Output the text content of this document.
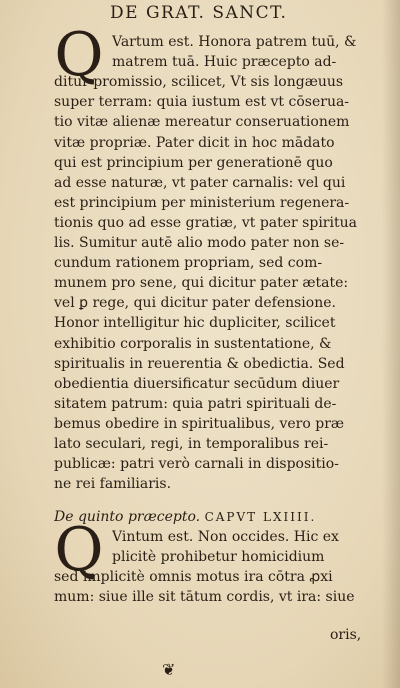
DE GRAT. SANCT.
Q Vartum est. Honora patrem tuū, &
matrem tuā. Huic præcepto ad-
ditur promissio, scilicet, Vt sis longæuus
super terram: quia iustum est vt cōserua-
tio vitæ alienæ mereatur conseruationem
vitæ propriæ. Pater dicit in hoc mādato
qui est principium per generationē quo
ad esse naturæ, vt pater carnalis: vel qui
est principium per ministerium regenera-
tionis quo ad esse gratiæ, vt pater spiritua
lis. Sumitur autē alio modo pater non se-
cundum rationem propriam, sed com-
munem pro sene, qui dicitur pater ætate:
vel ꝑ rege, qui dicitur pater defensione.
Honor intelligitur hic dupliciter, scilicet
exhibitio corporalis in sustentatione, &
spiritualis in reuerentia & obedictia. Sed
obedientia diuersificatur secūdum diuer
sitatem patrum: quia patri spirituali de-
bemus obedire in spiritualibus, vero præ
lato seculari, regi, in temporalibus rei-
publicæ: patri verò carnali in dispositio-
ne rei familiaris.
De quinto præcepto. CAPVT LXIIII.
Q Vintum est. Non occides. Hic ex
plicitè prohibetur homicidium
sed implicitè omnis motus ira cōtra ꝓxi
mum: siue ille sit tātum cordis, vt ira: siue
oris,
❦
